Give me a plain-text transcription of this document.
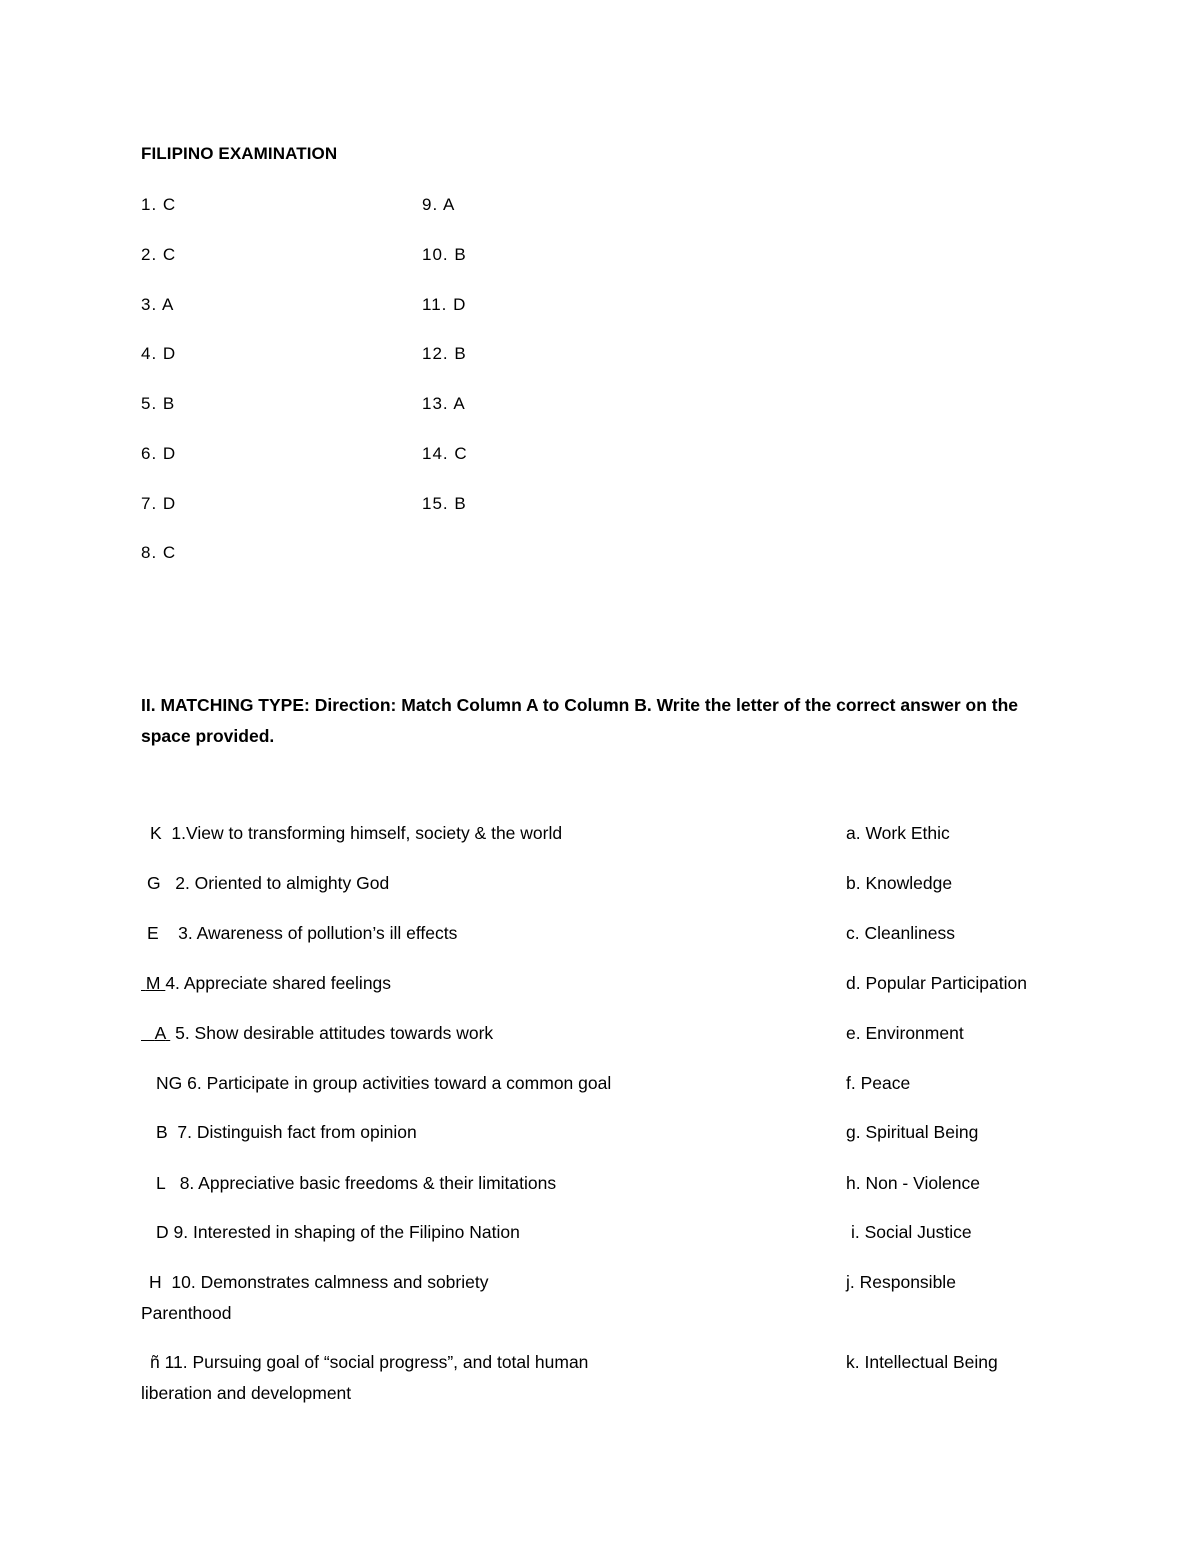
FILIPINO EXAMINATION
1. C
2. C
3. A
4. D
5. B
6. D
7. D
8. C
9. A
10. B
11. D
12. B
13. A
14. C
15. B
II. MATCHING TYPE: Direction: Match Column A to Column B. Write the letter of the correct answer on the space provided.
K 1.View to transforming himself, society & the world
G 2. Oriented to almighty God
E 3. Awareness of pollution’s ill effects
M 4. Appreciate shared feelings
A 5. Show desirable attitudes towards work
NG 6. Participate in group activities toward a common goal
B 7. Distinguish fact from opinion
L 8. Appreciative basic freedoms & their limitations
D 9. Interested in shaping of the Filipino Nation
H 10. Demonstrates calmness and sobriety
Parenthood
ñ 11. Pursuing goal of “social progress”, and total human
liberation and development
a. Work Ethic
b. Knowledge
c. Cleanliness
d. Popular Participation
e. Environment
f. Peace
g. Spiritual Being
h. Non - Violence
i. Social Justice
j. Responsible
k. Intellectual Being
